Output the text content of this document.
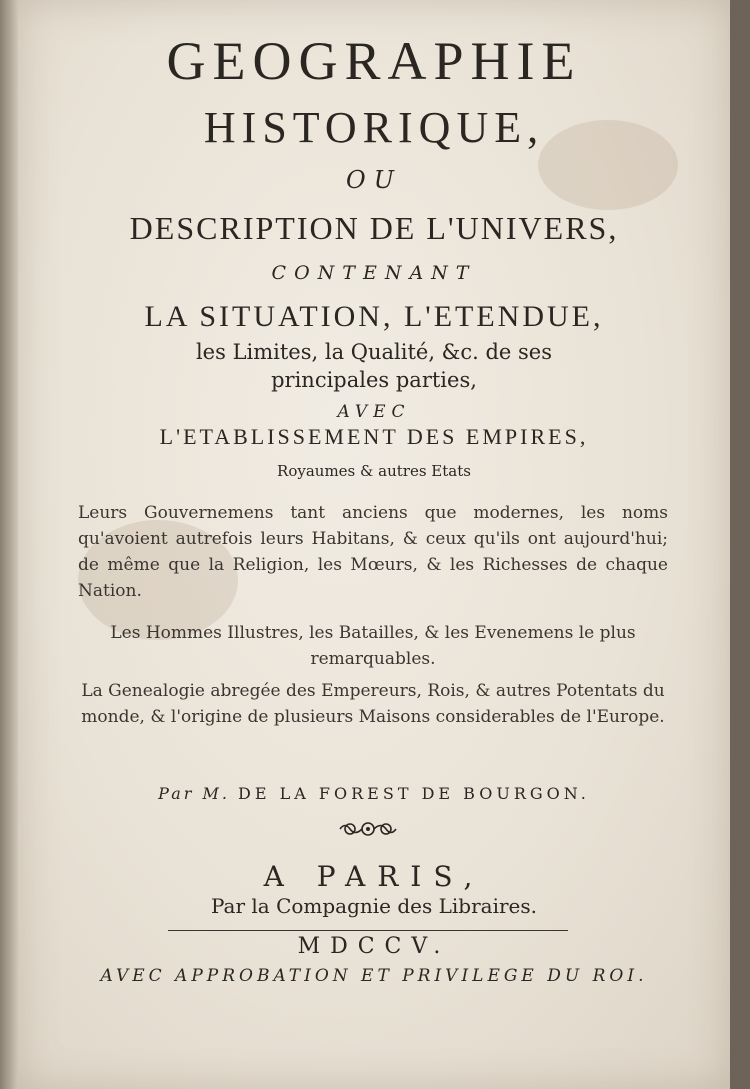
GEOGRAPHIE
HISTORIQUE,
OU
DESCRIPTION DE L'UNIVERS,
CONTENANT
LA SITUATION, L'ETENDUE,
les Limites, la Qualité, &c. de ses
principales parties,
AVEC
L'ETABLISSEMENT DES EMPIRES,
Royaumes & autres Etats
Leurs Gouvernemens tant anciens que modernes, les noms qu'avoient autrefois leurs Habitans, & ceux qu'ils ont aujourd'hui; de même que la Religion, les Mœurs, & les Richesses de chaque Nation.
Les Hommes Illustres, les Batailles, & les Evenemens le plus remarquables.
La Genealogie abregée des Empereurs, Rois, & autres Potentats du monde, & l'origine de plusieurs Maisons considerables de l'Europe.
Par M. DE LA FOREST DE BOURGON.
A PARIS,
Par la Compagnie des Libraires.
MDCCV.
AVEC APPROBATION ET PRIVILEGE DU ROI.
